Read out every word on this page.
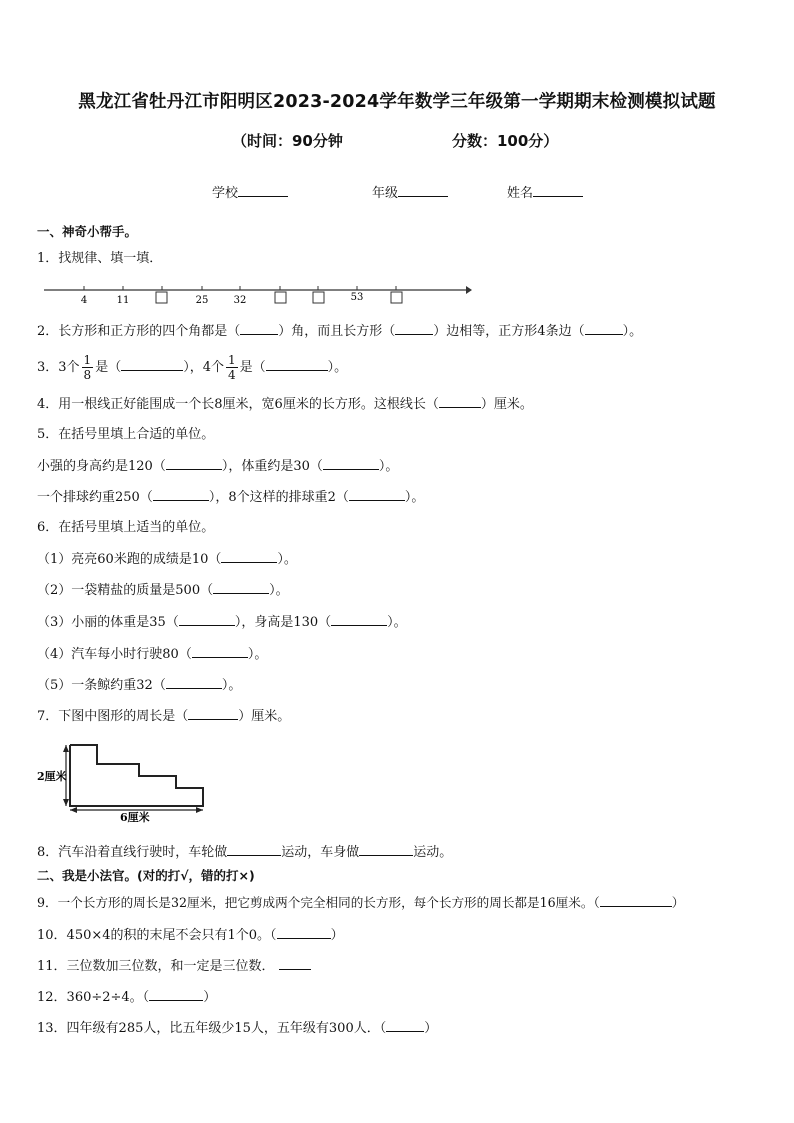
黑龙江省牡丹江市阳明区2023-2024学年数学三年级第一学期期末检测模拟试题
（时间：90分钟	分数：100分）
学校	年级	姓名
一、神奇小帮手。
1．找规律、填一填．
4	11	25	32	53
2．长方形和正方形的四个角都是（	）角，而且长方形（	）边相等，正方形4条边（	）。
3．3个 $\frac{1}{8}$ 是（	），4个 $\frac{1}{4}$ 是（	）。
4．用一根线正好能围成一个长8厘米，宽6厘米的长方形。这根线长（	）厘米。
5．在括号里填上合适的单位。
小强的身高约是120（	），体重约是30（	）。
一个排球约重250（	），8个这样的排球重2（	）。
6．在括号里填上适当的单位。
（1）亮亮60米跑的成绩是10（	）。
（2）一袋精盐的质量是500（	）。
（3）小丽的体重是35（	），身高是130（	）。
（4）汽车每小时行驶80（	）。
（5）一条鲸约重32（	）。
7．下图中图形的周长是（	）厘米。
2厘米
6厘米
8．汽车沿着直线行驶时，车轮做	运动，车身做	运动。
二、我是小法官。(对的打√，错的打×)
9．一个长方形的周长是32厘米，把它剪成两个完全相同的长方形，每个长方形的周长都是16厘米。（	）
10．450×4的积的末尾不会只有1个0。（	）
11．三位数加三位数，和一定是三位数．
12．360÷2÷4。（	）
13．四年级有285人，比五年级少15人，五年级有300人．（	）
